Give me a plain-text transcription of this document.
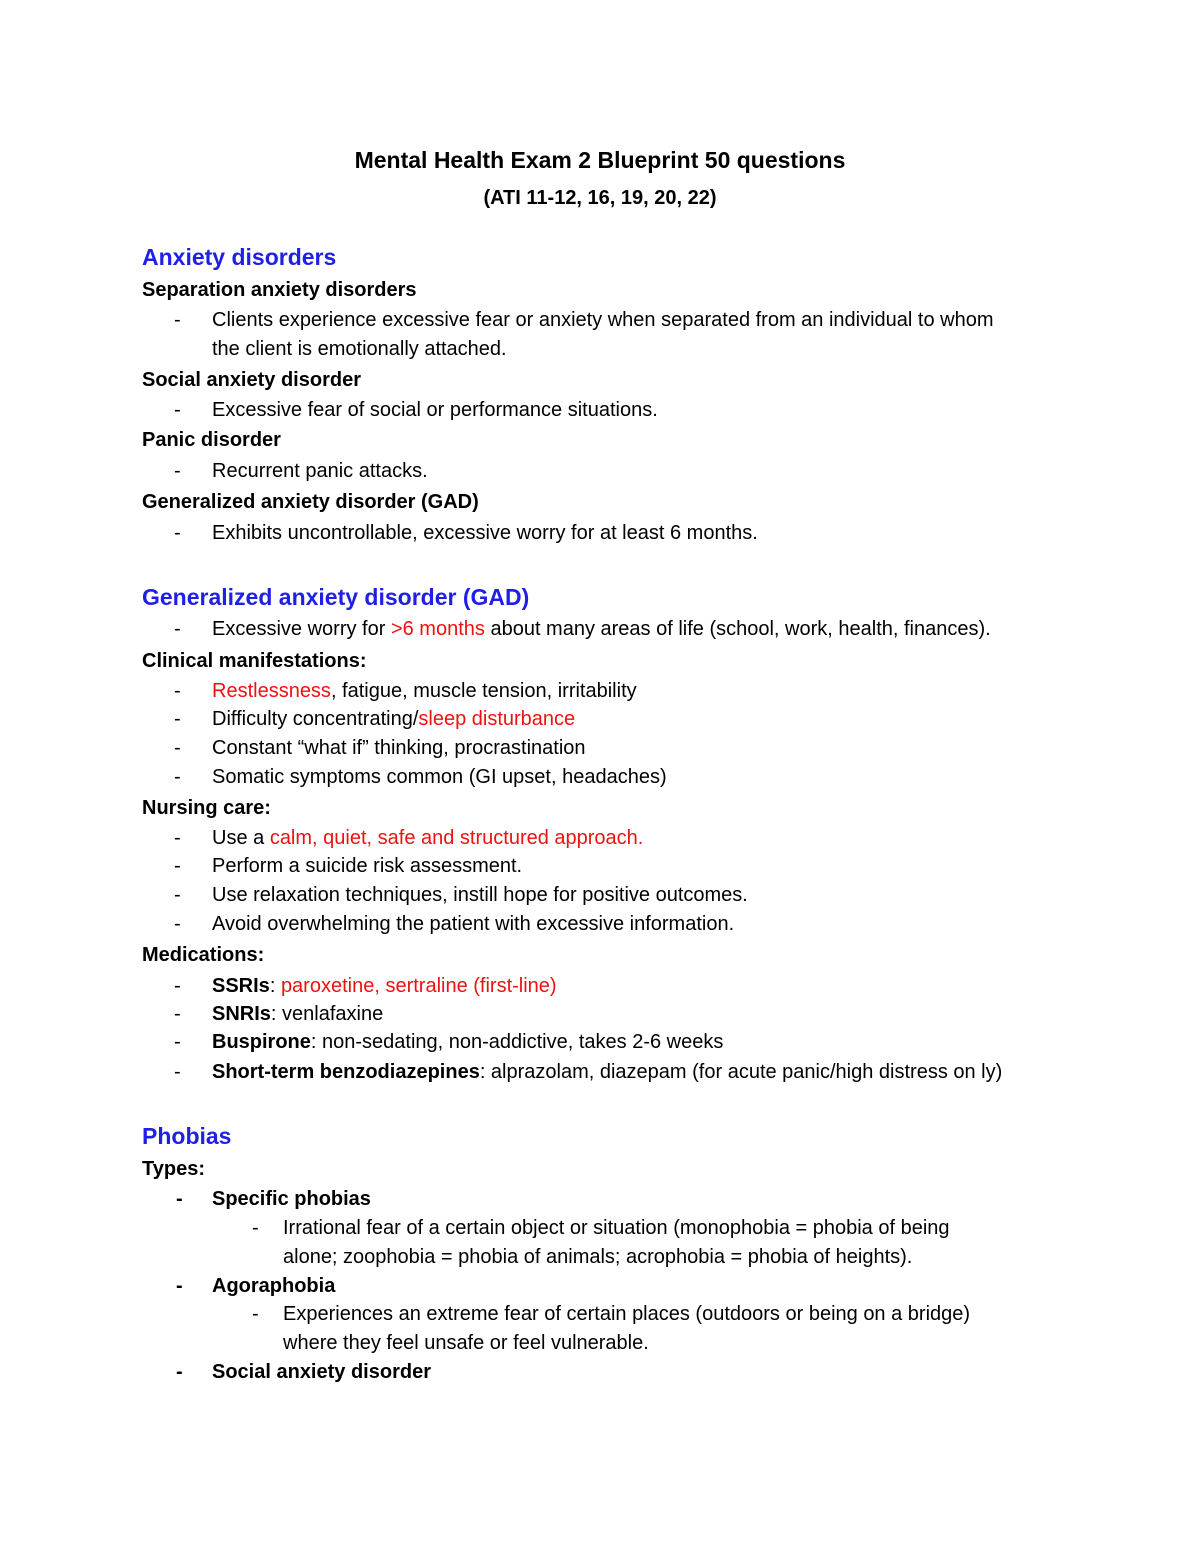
Mental Health Exam 2 Blueprint 50 questions
(ATI 11-12, 16, 19, 20, 22)
Anxiety disorders
Separation anxiety disorders
- Clients experience excessive fear or anxiety when separated from an individual to whom
the client is emotionally attached.
Social anxiety disorder
- Excessive fear of social or performance situations.
Panic disorder
- Recurrent panic attacks.
Generalized anxiety disorder (GAD)
- Exhibits uncontrollable, excessive worry for at least 6 months.
Generalized anxiety disorder (GAD)
- Excessive worry for >6 months about many areas of life (school, work, health, finances).
Clinical manifestations:
- Restlessness, fatigue, muscle tension, irritability
- Difficulty concentrating/sleep disturbance
- Constant “what if” thinking, procrastination
- Somatic symptoms common (GI upset, headaches)
Nursing care:
- Use a calm, quiet, safe and structured approach.
- Perform a suicide risk assessment.
- Use relaxation techniques, instill hope for positive outcomes.
- Avoid overwhelming the patient with excessive information.
Medications:
- SSRIs: paroxetine, sertraline (first-line)
- SNRIs: venlafaxine
- Buspirone: non-sedating, non-addictive, takes 2-6 weeks
- Short-term benzodiazepines: alprazolam, diazepam (for acute panic/high distress on ly)
Phobias
Types:
- Specific phobias
- Irrational fear of a certain object or situation (monophobia = phobia of being
alone; zoophobia = phobia of animals; acrophobia = phobia of heights).
- Agoraphobia
- Experiences an extreme fear of certain places (outdoors or being on a bridge)
where they feel unsafe or feel vulnerable.
- Social anxiety disorder
